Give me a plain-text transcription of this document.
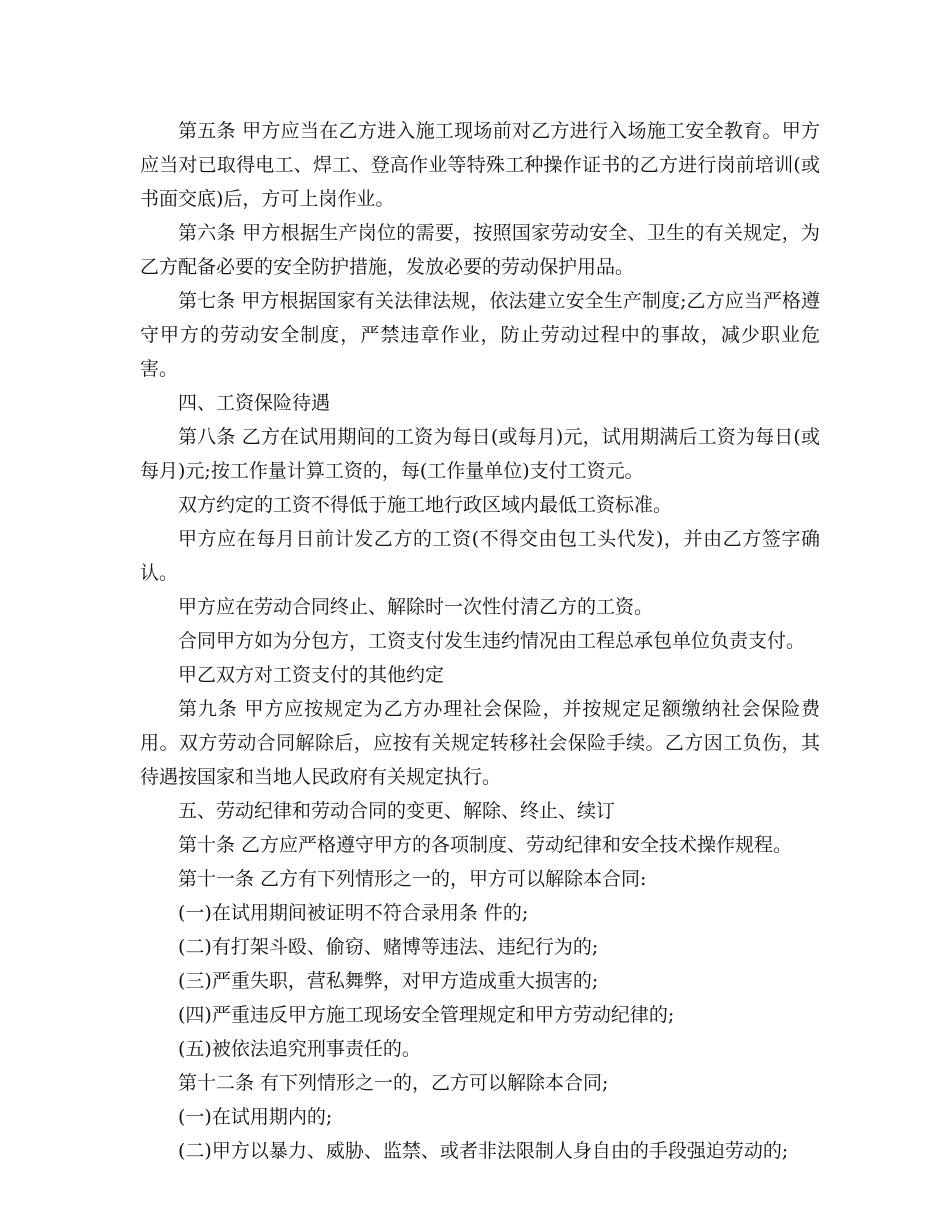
第五条 甲方应当在乙方进入施工现场前对乙方进行入场施工安全教育。甲方应当对已取得电工、焊工、登高作业等特殊工种操作证书的乙方进行岗前培训(或书面交底)后，方可上岗作业。

第六条 甲方根据生产岗位的需要，按照国家劳动安全、卫生的有关规定，为乙方配备必要的安全防护措施，发放必要的劳动保护用品。

第七条 甲方根据国家有关法律法规，依法建立安全生产制度;乙方应当严格遵守甲方的劳动安全制度，严禁违章作业，防止劳动过程中的事故，减少职业危害。

四、工资保险待遇

第八条 乙方在试用期间的工资为每日(或每月)元，试用期满后工资为每日(或每月)元;按工作量计算工资的，每(工作量单位)支付工资元。

双方约定的工资不得低于施工地行政区域内最低工资标准。

甲方应在每月日前计发乙方的工资(不得交由包工头代发)，并由乙方签字确认。

甲方应在劳动合同终止、解除时一次性付清乙方的工资。

合同甲方如为分包方，工资支付发生违约情况由工程总承包单位负责支付。

甲乙双方对工资支付的其他约定

第九条 甲方应按规定为乙方办理社会保险，并按规定足额缴纳社会保险费用。双方劳动合同解除后，应按有关规定转移社会保险手续。乙方因工负伤，其待遇按国家和当地人民政府有关规定执行。

五、劳动纪律和劳动合同的变更、解除、终止、续订

第十条 乙方应严格遵守甲方的各项制度、劳动纪律和安全技术操作规程。

第十一条 乙方有下列情形之一的，甲方可以解除本合同:

(一)在试用期间被证明不符合录用条 件的;

(二)有打架斗殴、偷窃、赌博等违法、违纪行为的;

(三)严重失职，营私舞弊，对甲方造成重大损害的;

(四)严重违反甲方施工现场安全管理规定和甲方劳动纪律的;

(五)被依法追究刑事责任的。

第十二条 有下列情形之一的，乙方可以解除本合同;

(一)在试用期内的;

(二)甲方以暴力、威胁、监禁、或者非法限制人身自由的手段强迫劳动的;
